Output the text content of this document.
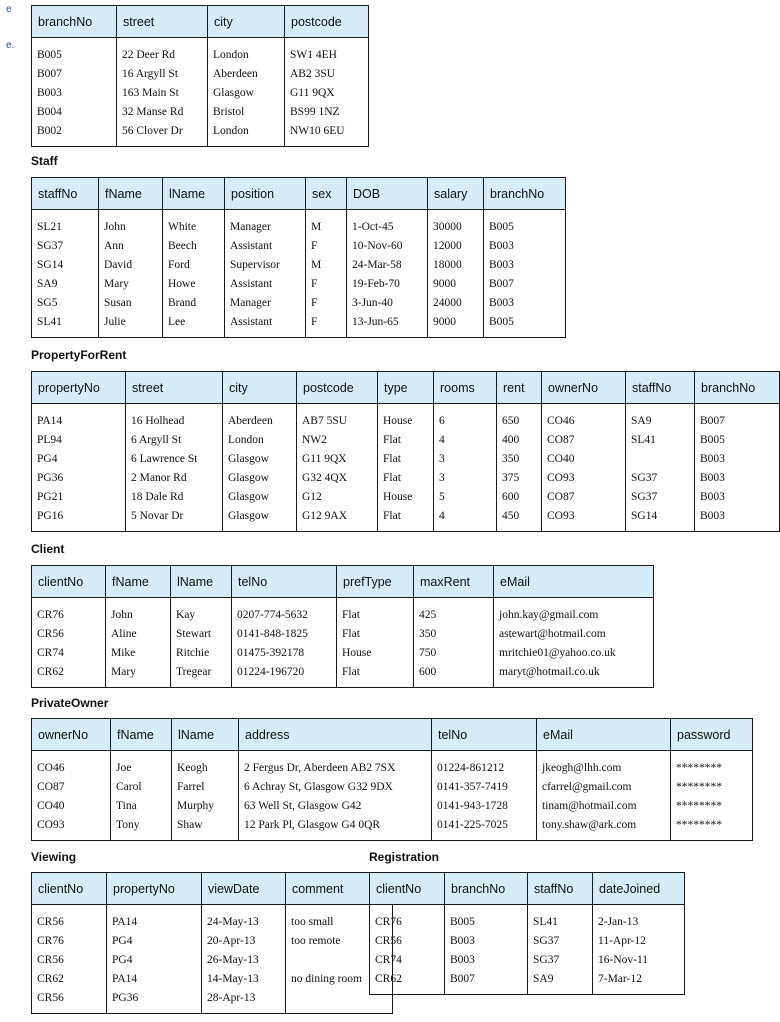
e
e.
branchNo	street	city	postcode
B005	22 Deer Rd	London	SW1 4EH
B007	16 Argyll St	Aberdeen	AB2 3SU
B003	163 Main St	Glasgow	G11 9QX
B004	32 Manse Rd	Bristol	BS99 1NZ
B002	56 Clover Dr	London	NW10 6EU
Staff
staffNo	fName	lName	position	sex	DOB	salary	branchNo
SL21	John	White	Manager	M	1-Oct-45	30000	B005
SG37	Ann	Beech	Assistant	F	10-Nov-60	12000	B003
SG14	David	Ford	Supervisor	M	24-Mar-58	18000	B003
SA9	Mary	Howe	Assistant	F	19-Feb-70	9000	B007
SG5	Susan	Brand	Manager	F	3-Jun-40	24000	B003
SL41	Julie	Lee	Assistant	F	13-Jun-65	9000	B005
PropertyForRent
propertyNo	street	city	postcode	type	rooms	rent	ownerNo	staffNo	branchNo
PA14	16 Holhead	Aberdeen	AB7 5SU	House	6	650	CO46	SA9	B007
PL94	6 Argyll St	London	NW2	Flat	4	400	CO87	SL41	B005
PG4	6 Lawrence St	Glasgow	G11 9QX	Flat	3	350	CO40		B003
PG36	2 Manor Rd	Glasgow	G32 4QX	Flat	3	375	CO93	SG37	B003
PG21	18 Dale Rd	Glasgow	G12	House	5	600	CO87	SG37	B003
PG16	5 Novar Dr	Glasgow	G12 9AX	Flat	4	450	CO93	SG14	B003
Client
clientNo	fName	lName	telNo	prefType	maxRent	eMail
CR76	John	Kay	0207-774-5632	Flat	425	john.kay@gmail.com
CR56	Aline	Stewart	0141-848-1825	Flat	350	astewart@hotmail.com
CR74	Mike	Ritchie	01475-392178	House	750	mritchie01@yahoo.co.uk
CR62	Mary	Tregear	01224-196720	Flat	600	maryt@hotmail.co.uk
PrivateOwner
ownerNo	fName	lName	address	telNo	eMail	password
CO46	Joe	Keogh	2 Fergus Dr, Aberdeen AB2 7SX	01224-861212	jkeogh@lhh.com	********
CO87	Carol	Farrel	6 Achray St, Glasgow G32 9DX	0141-357-7419	cfarrel@gmail.com	********
CO40	Tina	Murphy	63 Well St, Glasgow G42	0141-943-1728	tinam@hotmail.com	********
CO93	Tony	Shaw	12 Park Pl, Glasgow G4 0QR	0141-225-7025	tony.shaw@ark.com	********
Viewing
clientNo	propertyNo	viewDate	comment
CR56	PA14	24-May-13	too small
CR76	PG4	20-Apr-13	too remote
CR56	PG4	26-May-13	
CR62	PA14	14-May-13	no dining room
CR56	PG36	28-Apr-13	
Registration
clientNo	branchNo	staffNo	dateJoined
CR76	B005	SL41	2-Jan-13
CR56	B003	SG37	11-Apr-12
CR74	B003	SG37	16-Nov-11
CR62	B007	SA9	7-Mar-12
